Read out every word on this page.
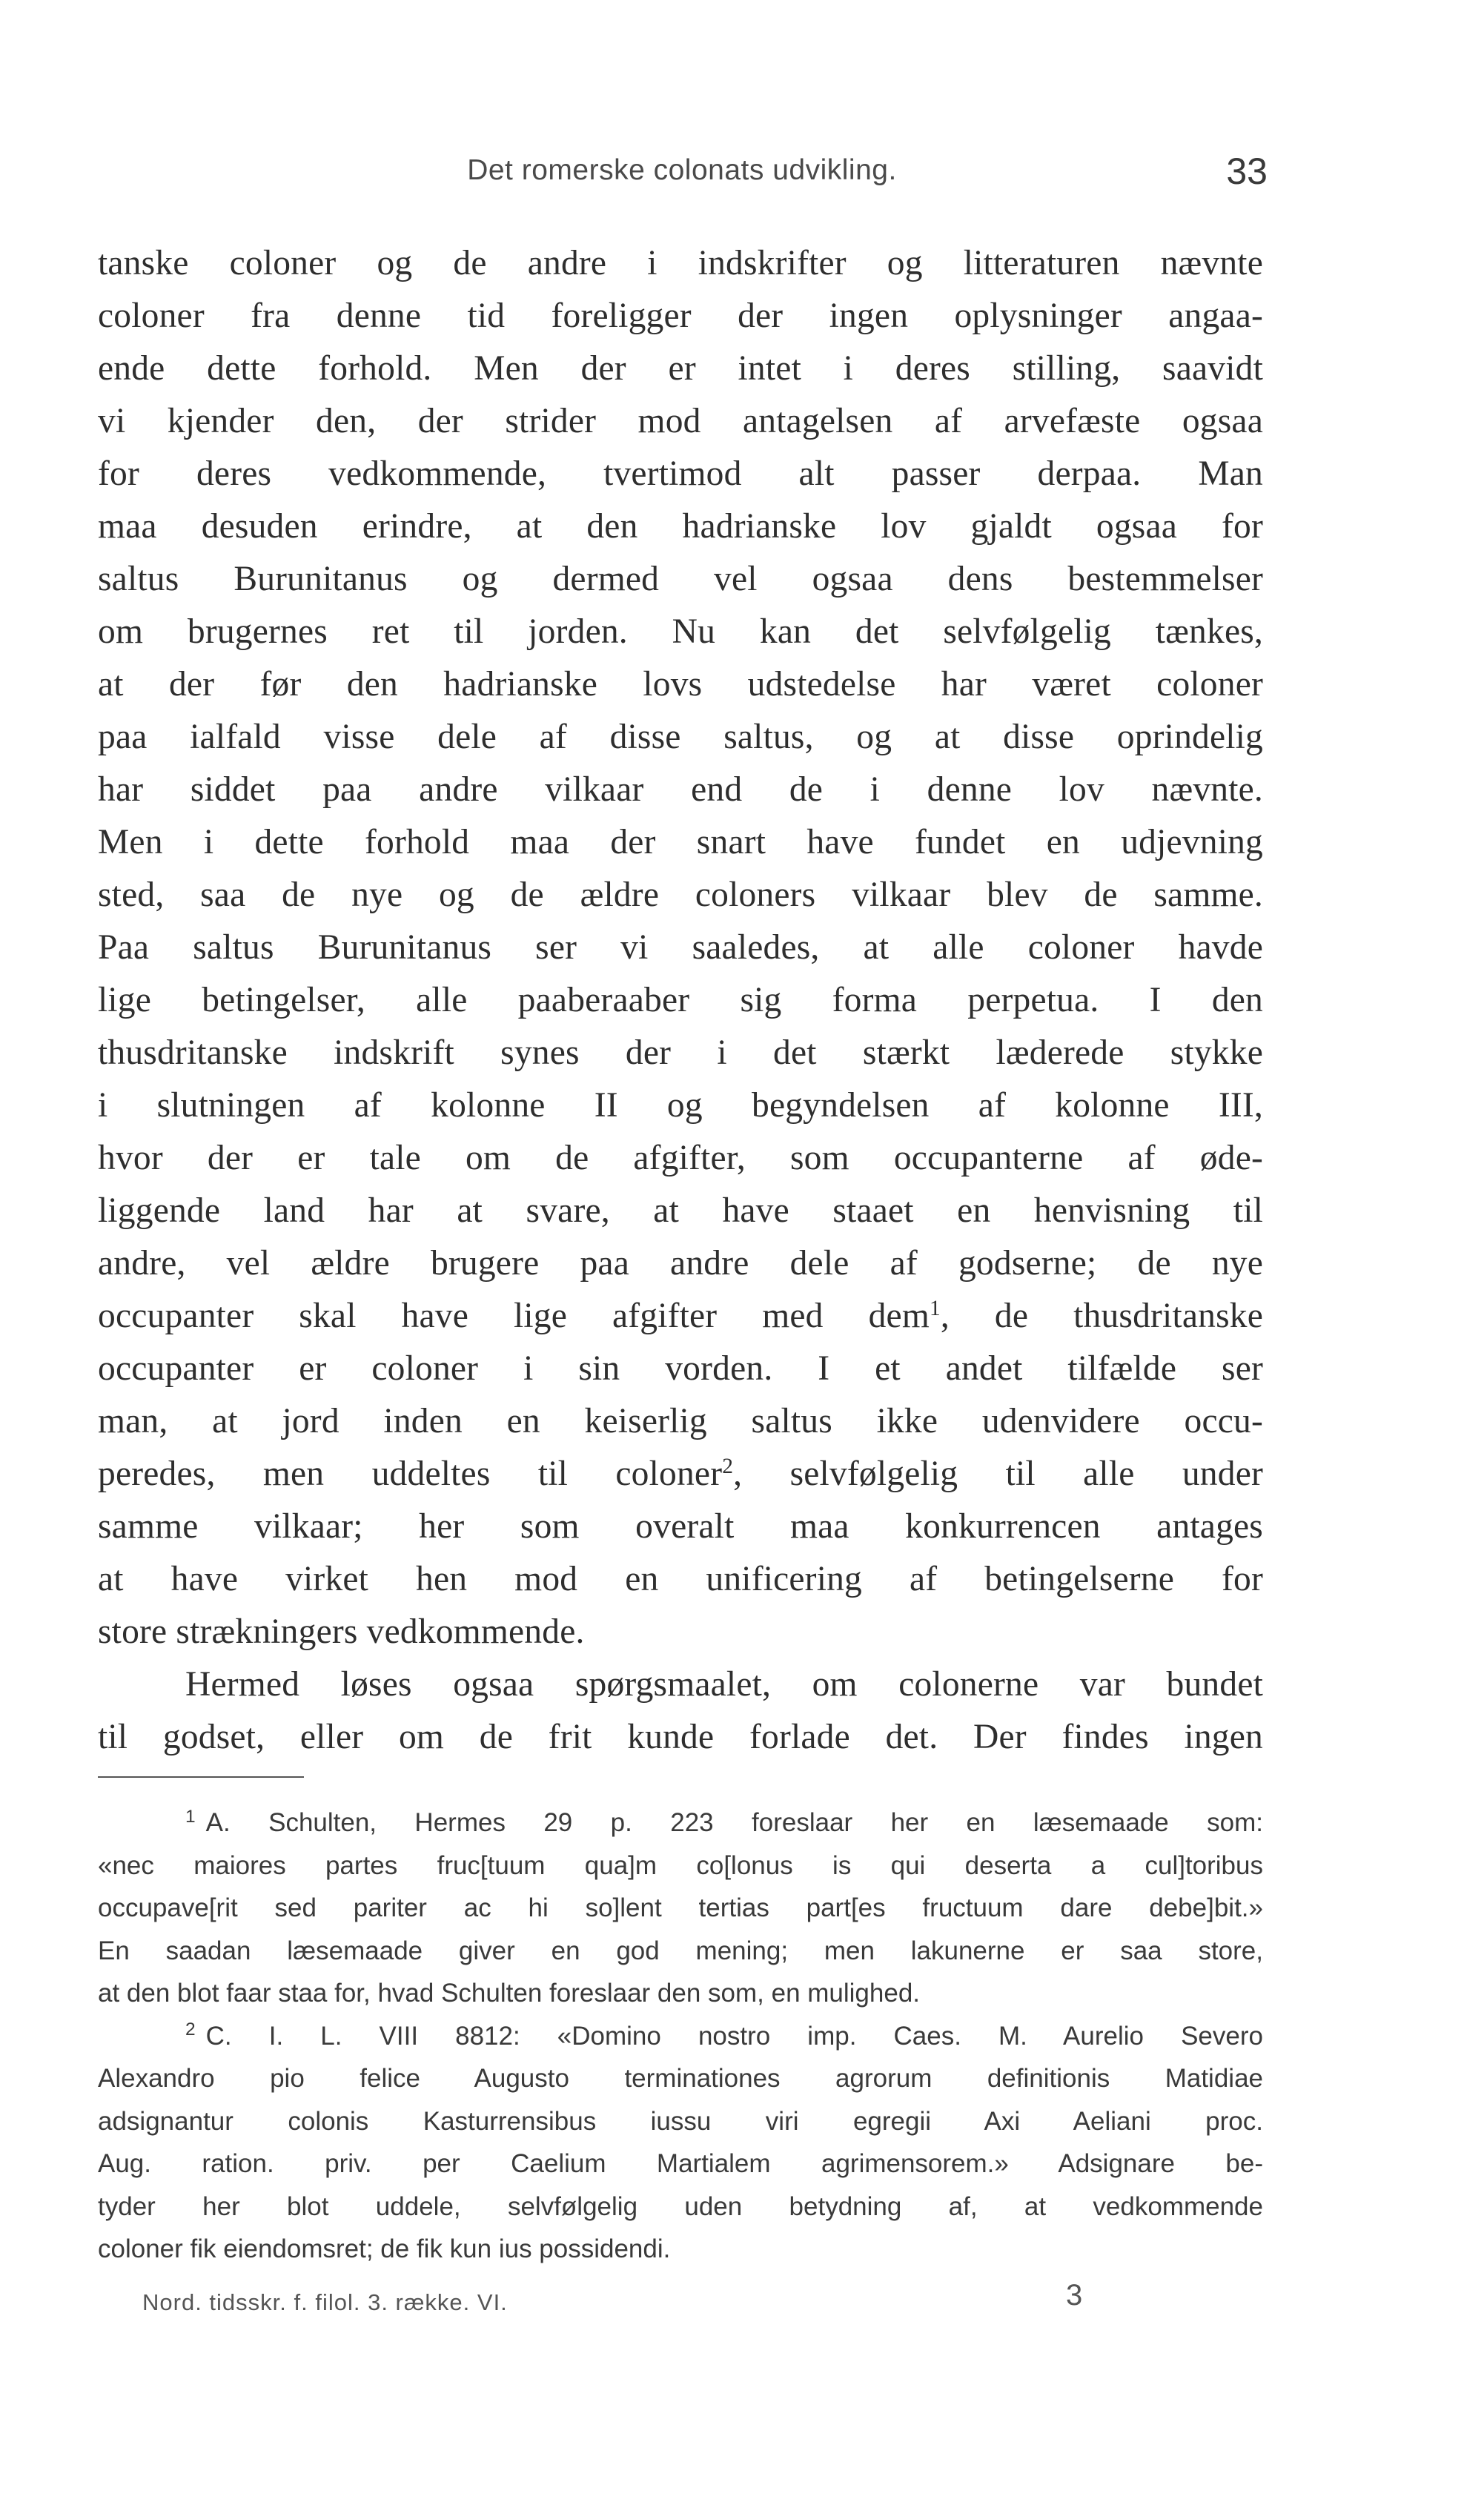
Det romerske colonats udvikling.	33
tanske coloner og de andre i indskrifter og litteraturen nævnte
coloner fra denne tid foreligger der ingen oplysninger angaa-
ende dette forhold. Men der er intet i deres stilling, saavidt
vi kjender den, der strider mod antagelsen af arvefæste ogsaa
for deres vedkommende, tvertimod alt passer derpaa. Man
maa desuden erindre, at den hadrianske lov gjaldt ogsaa for
saltus Burunitanus og dermed vel ogsaa dens bestemmelser
om brugernes ret til jorden. Nu kan det selvfølgelig tænkes,
at der før den hadrianske lovs udstedelse har været coloner
paa ialfald visse dele af disse saltus, og at disse oprindelig
har siddet paa andre vilkaar end de i denne lov nævnte.
Men i dette forhold maa der snart have fundet en udjevning
sted, saa de nye og de ældre coloners vilkaar blev de samme.
Paa saltus Burunitanus ser vi saaledes, at alle coloner havde
lige betingelser, alle paaberaaber sig forma perpetua. I den
thusdritanske indskrift synes der i det stærkt læderede stykke
i slutningen af kolonne II og begyndelsen af kolonne III,
hvor der er tale om de afgifter, som occupanterne af øde-
liggende land har at svare, at have staaet en henvisning til
andre, vel ældre brugere paa andre dele af godserne; de nye
occupanter skal have lige afgifter med dem$^1$, de thusdritanske
occupanter er coloner i sin vorden. I et andet tilfælde ser
man, at jord inden en keiserlig saltus ikke udenvidere occu-
peredes, men uddeltes til coloner$^2$, selvfølgelig til alle under
samme vilkaar; her som overalt maa konkurrencen antages
at have virket hen mod en unificering af betingelserne for
store strækningers vedkommende.
Hermed løses ogsaa spørgsmaalet, om colonerne var bundet
til godset, eller om de frit kunde forlade det. Der findes ingen
$^1$ A. Schulten, Hermes 29 p. 223 foreslaar her en læsemaade som:
«nec maiores partes fruc[tuum qua]m co[lonus is qui deserta a cul]toribus
occupave[rit sed pariter ac hi so]lent tertias part[es fructuum dare debe]bit.»
En saadan læsemaade giver en god mening; men lakunerne er saa store,
at den blot faar staa for, hvad Schulten foreslaar den som, en mulighed.
$^2$ C. I. L. VIII 8812: «Domino nostro imp. Caes. M. Aurelio Severo
Alexandro pio felice Augusto terminationes agrorum definitionis Matidiae
adsignantur colonis Kasturrensibus iussu viri egregii Axi Aeliani proc.
Aug. ration. priv. per Caelium Martialem agrimensorem.» Adsignare be-
tyder her blot uddele, selvfølgelig uden betydning af, at vedkommende
coloner fik eiendomsret; de fik kun ius possidendi.
Nord. tidsskr. f. filol. 3. række. VI.	3
